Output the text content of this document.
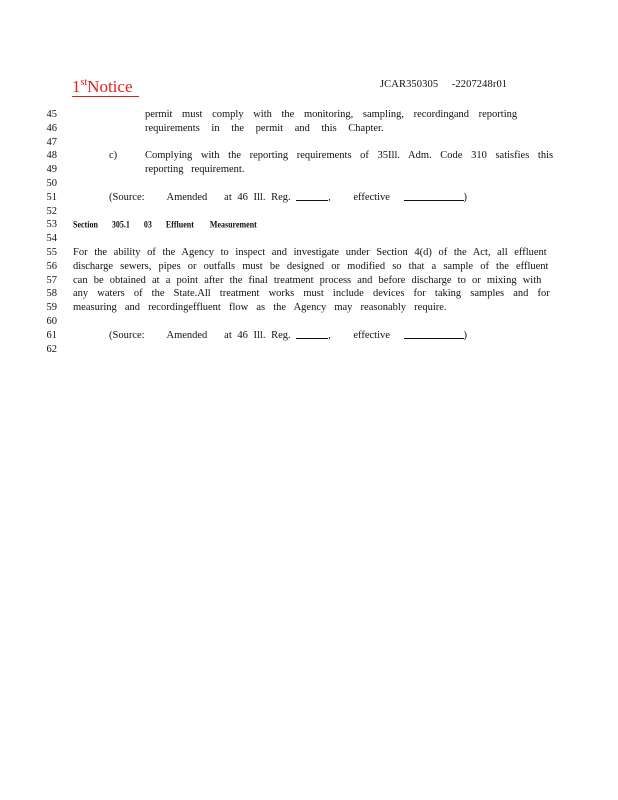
1stNotice	JCAR350305     -2207248r01
45	permit must comply with the monitoring, sampling, recordingand reporting
46	requirements in the permit and this Chapter.
47
48	c)	Complying with the reporting requirements of 35Ill. Adm. Code 310 satisfies this
49	reporting requirement.
50
51	(Source:    Amended   at 46 Ill. Reg.	,    effective	)
52
53 Section 305.1 03 Effluent Measurement
54
55 For the ability of the Agency to inspect and investigate under Section 4(d) of the Act, all effluent
56 discharge sewers, pipes or outfalls must be designed or modified so that a sample of the effluent
57 can be obtained at a point after the final treatment process and before discharge to or mixing with
58 any waters of the State.All treatment works must include devices for taking samples and for
59 measuring and recordingeffluent flow as the Agency may reasonably require.
60
61	(Source:    Amended   at 46 Ill. Reg.	,    effective	)
62
